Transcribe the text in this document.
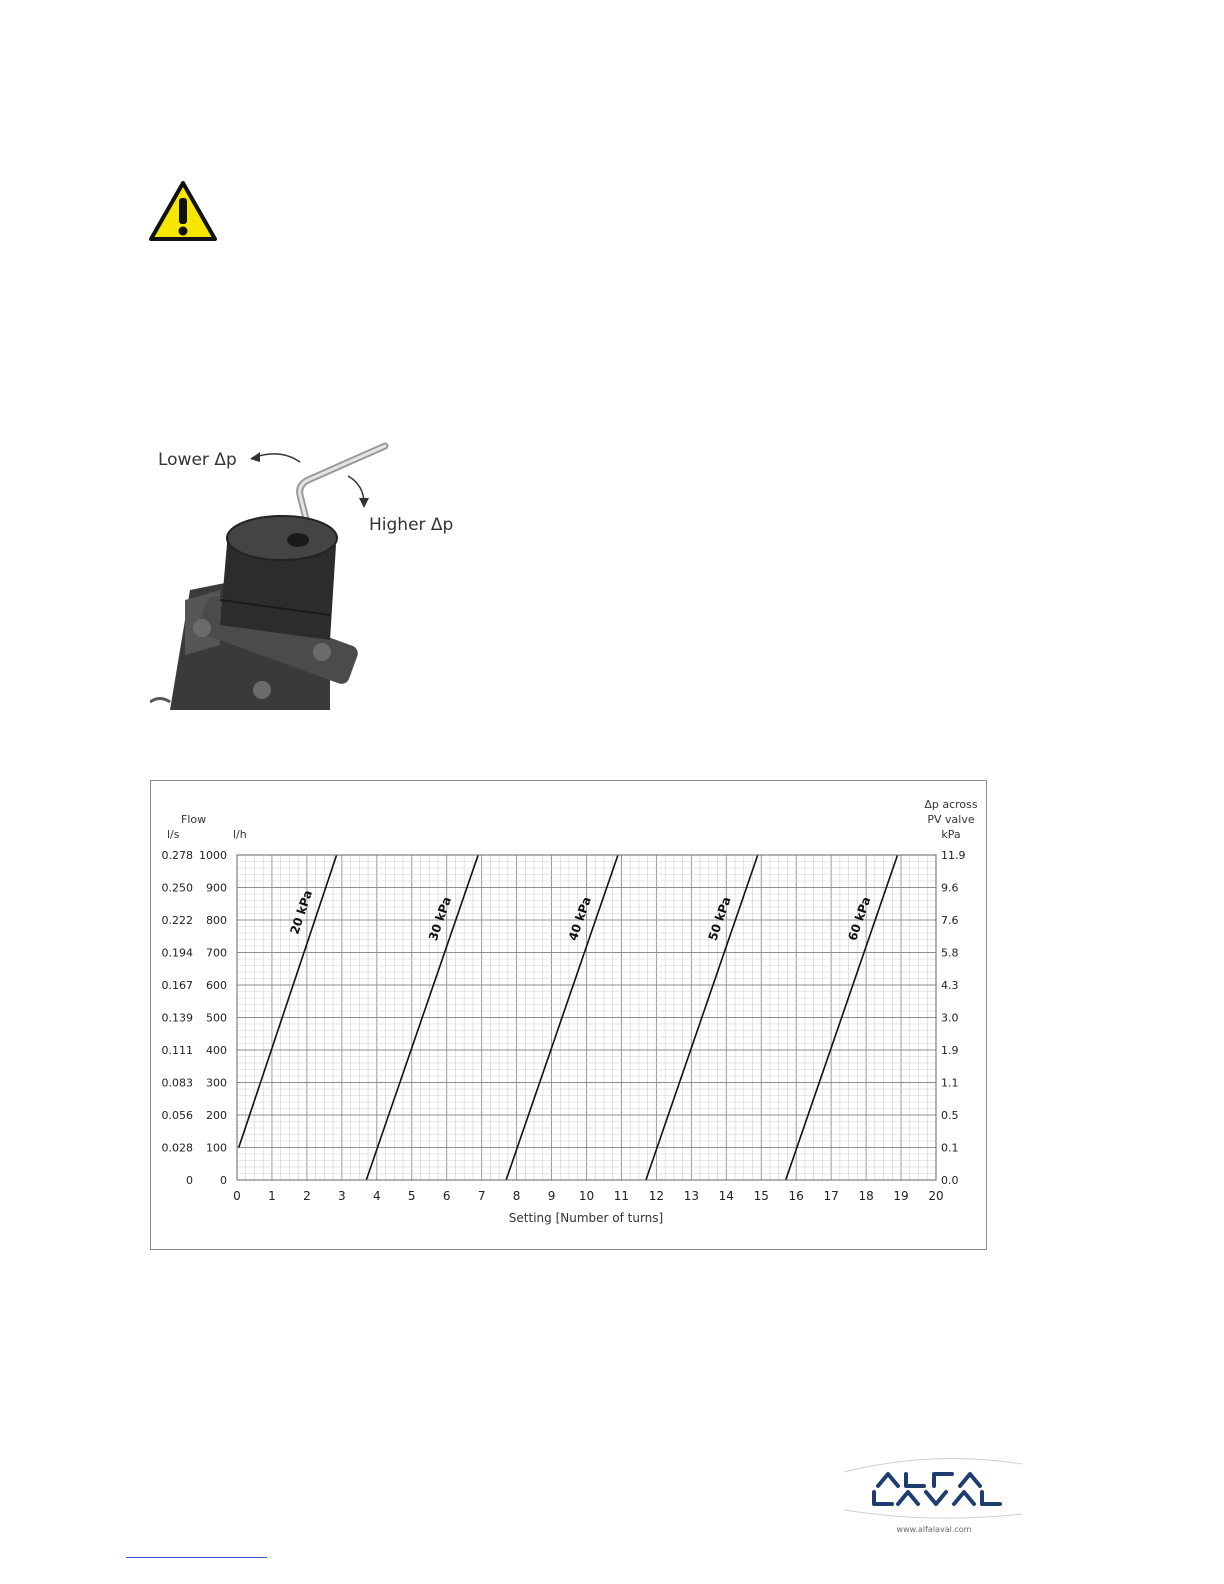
Lower Δp
Higher Δp
20 kPa	30 kPa	40 kPa	50 kPa	60 kPa
0 1 2 3 4 5 6 7 8 9 10 11 12 13 14 15 16 17 18 19 20
1000
0.278	11.9
900
0.250	9.6
800
0.222	7.6
700
0.194	5.8
600
0.167	4.3
500
0.139	3.0
400
0.111	1.9
300
0.083	1.1
200
0.056	0.5
100
0.028	0.1
0
0	0.0
Flow
l/s	l/h
Δp across
PV valve
kPa
Setting [Number of turns]
www.alfalaval.com
